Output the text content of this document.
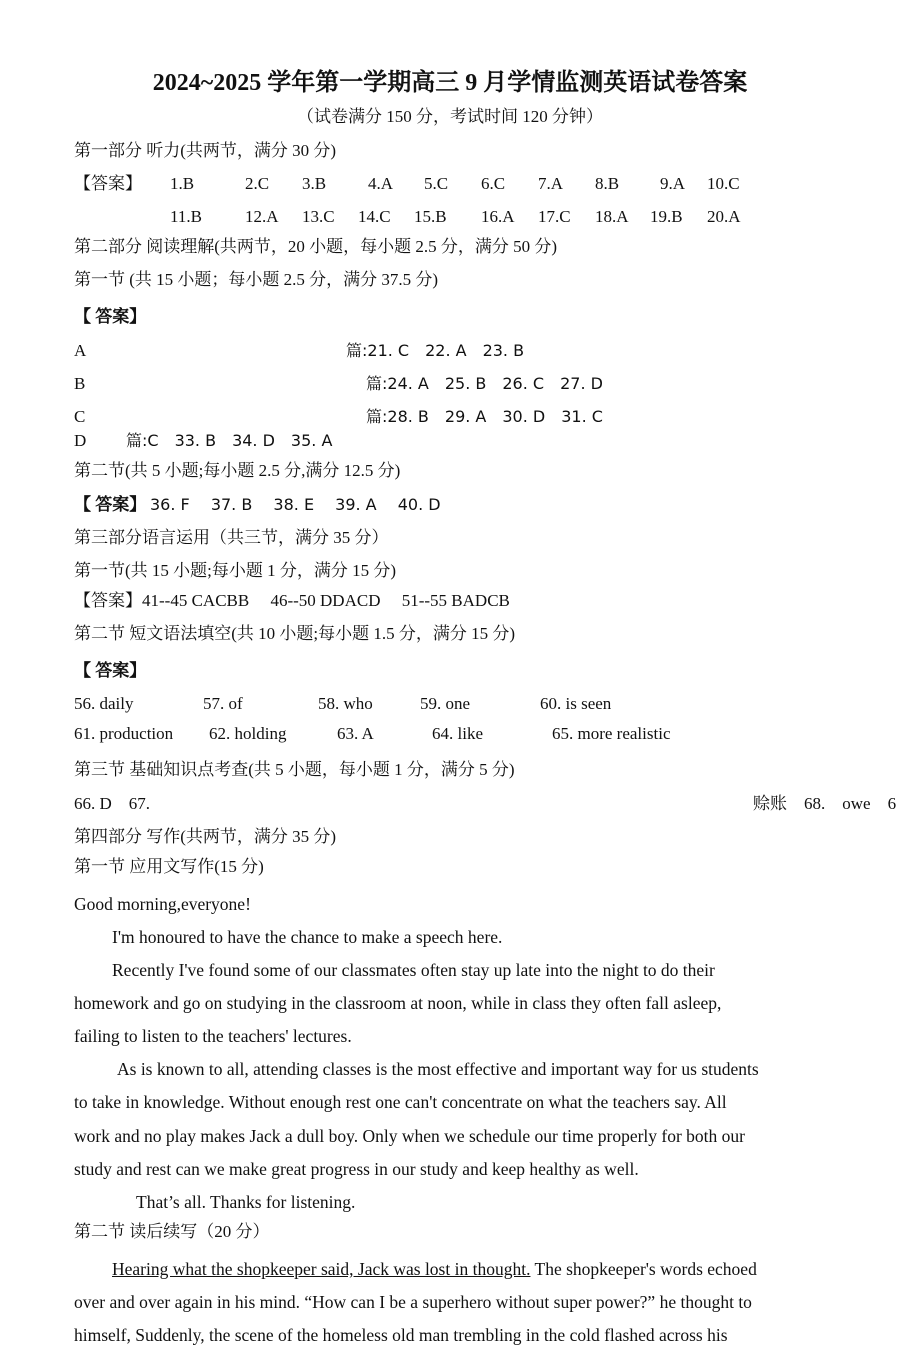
2024~2025 学年第一学期高三 9 月学情监测英语试卷答案
（试卷满分 150 分，考试时间 120 分钟）
第一部分 听力(共两节，满分 30 分)
【答案】 1.B	2.C 3.B 4.A 5.C 6.C 7.A 8.B 9.A 10.C
11.B	12.A 13.C 14.C 15.B 16.A 17.C 18.A 19.B 20.A
第二部分 阅读理解(共两节，20 小题，每小题 2.5 分，满分 50 分)
第一节 (共 15 小题；每小题 2.5 分，满分 37.5 分)
【 答案】
A	篇:21. C　22. A　23. B
B	篇:24. A　25. B　26. C　27. D
C	篇:28. B　29. A　30. D　31. C
D 篇:C　33. B　34. D　35. A
第二节(共 5 小题;每小题 2.5 分,满分 12.5 分)
【 答案】 36. F　 37. B　 38. E　 39. A　 40. D
第三部分语言运用（共三节，满分 35 分）
第一节(共 15 小题;每小题 1 分，满分 15 分)
【答案】41--45 CACBB　 46--50 DDACD　 51--55 BADCB
第二节 短文语法填空(共 10 小题;每小题 1.5 分，满分 15 分)
【 答案】
56. daily	57. of	58. who	59. one	60. is seen
61. production 62. holding	63. A	64. like	65. more realistic
第三节 基础知识点考查(共 5 小题，每小题 1 分，满分 5 分)
66. D　67.	赊账　68.　owe　6
第四部分 写作(共两节，满分 35 分)
第一节 应用文写作(15 分)
Good morning,everyone!
I'm honoured to have the chance to make a speech here.
Recently I've found some of our classmates often stay up late into the night to do their
homework and go on studying in the classroom at noon, while in class they often fall asleep,
failing to listen to the teachers' lectures.
As is known to all, attending classes is the most effective and important way for us students
to take in knowledge. Without enough rest one can't concentrate on what the teachers say. All
work and no play makes Jack a dull boy. Only when we schedule our time properly for both our
study and rest can we make great progress in our study and keep healthy as well.
That’s all. Thanks for listening.
第二节 读后续写（20 分）
Hearing what the shopkeeper said, Jack was lost in thought. The shopkeeper's words echoed
over and over again in his mind. “How can I be a superhero without super power?” he thought to
himself, Suddenly, the scene of the homeless old man trembling in the cold flashed across his
